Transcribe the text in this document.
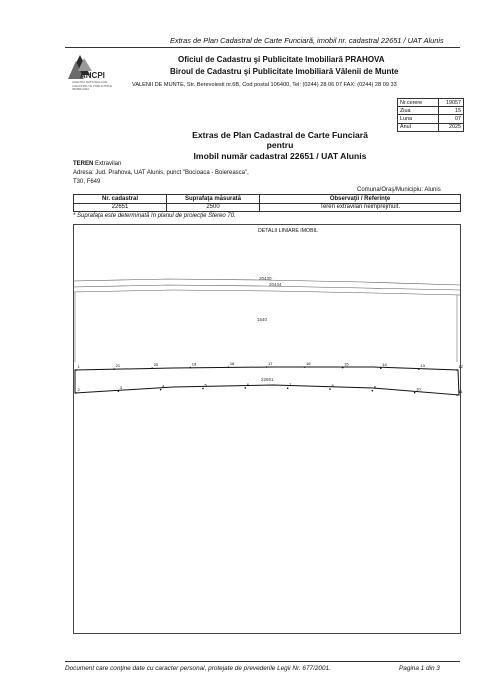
Extras de Plan Cadastral de Carte Funciară, imobil nr. cadastral 22651 / UAT Alunis
ANCPI
AGENTIA NATIONALA DE CADASTRU SI PUBLICITATE IMOBILIARA
Oficiul de Cadastru şi Publicitate Imobiliară PRAHOVA
Biroul de Cadastru şi Publicitate Imobiliară Vălenii de Munte
VALENII DE MUNTE, Str. Berevoiesti nr.6B, Cod postal 106400, Tel: (0244) 28 06 07 FAX: (0244) 28 09 33
Nr.cerere	19057
Ziua	15
Luna	07
Anul	2025
Extras de Plan Cadastral de Carte Funciară
pentru
Imobil număr cadastral 22651 / UAT Alunis
TEREN Extravilan
Adresa: Jud. Prahova, UAT Alunis, punct "Bocioaca - Boiereasca",
T30, F649
Comuna/Oraş/Municipiu: Alunis
Nr. cadastral	Suprafaţa măsurată	Observaţii / Referinţe
22651	2500	Teren extravilan neimprejmuit.
* Suprafaţa este determinată în planul de proiecţie Stereo 70.
DETALII LINIARE IMOBIL
20430
20434
1540
22651
1	21	20	19	18	17	16	15	14	13	12
2	3	4	5	6	7	8	9	10	11
Document care conţine date cu caracter personal, protejate de prevederile Legii Nr. 677/2001.	Pagina 1 din 3
